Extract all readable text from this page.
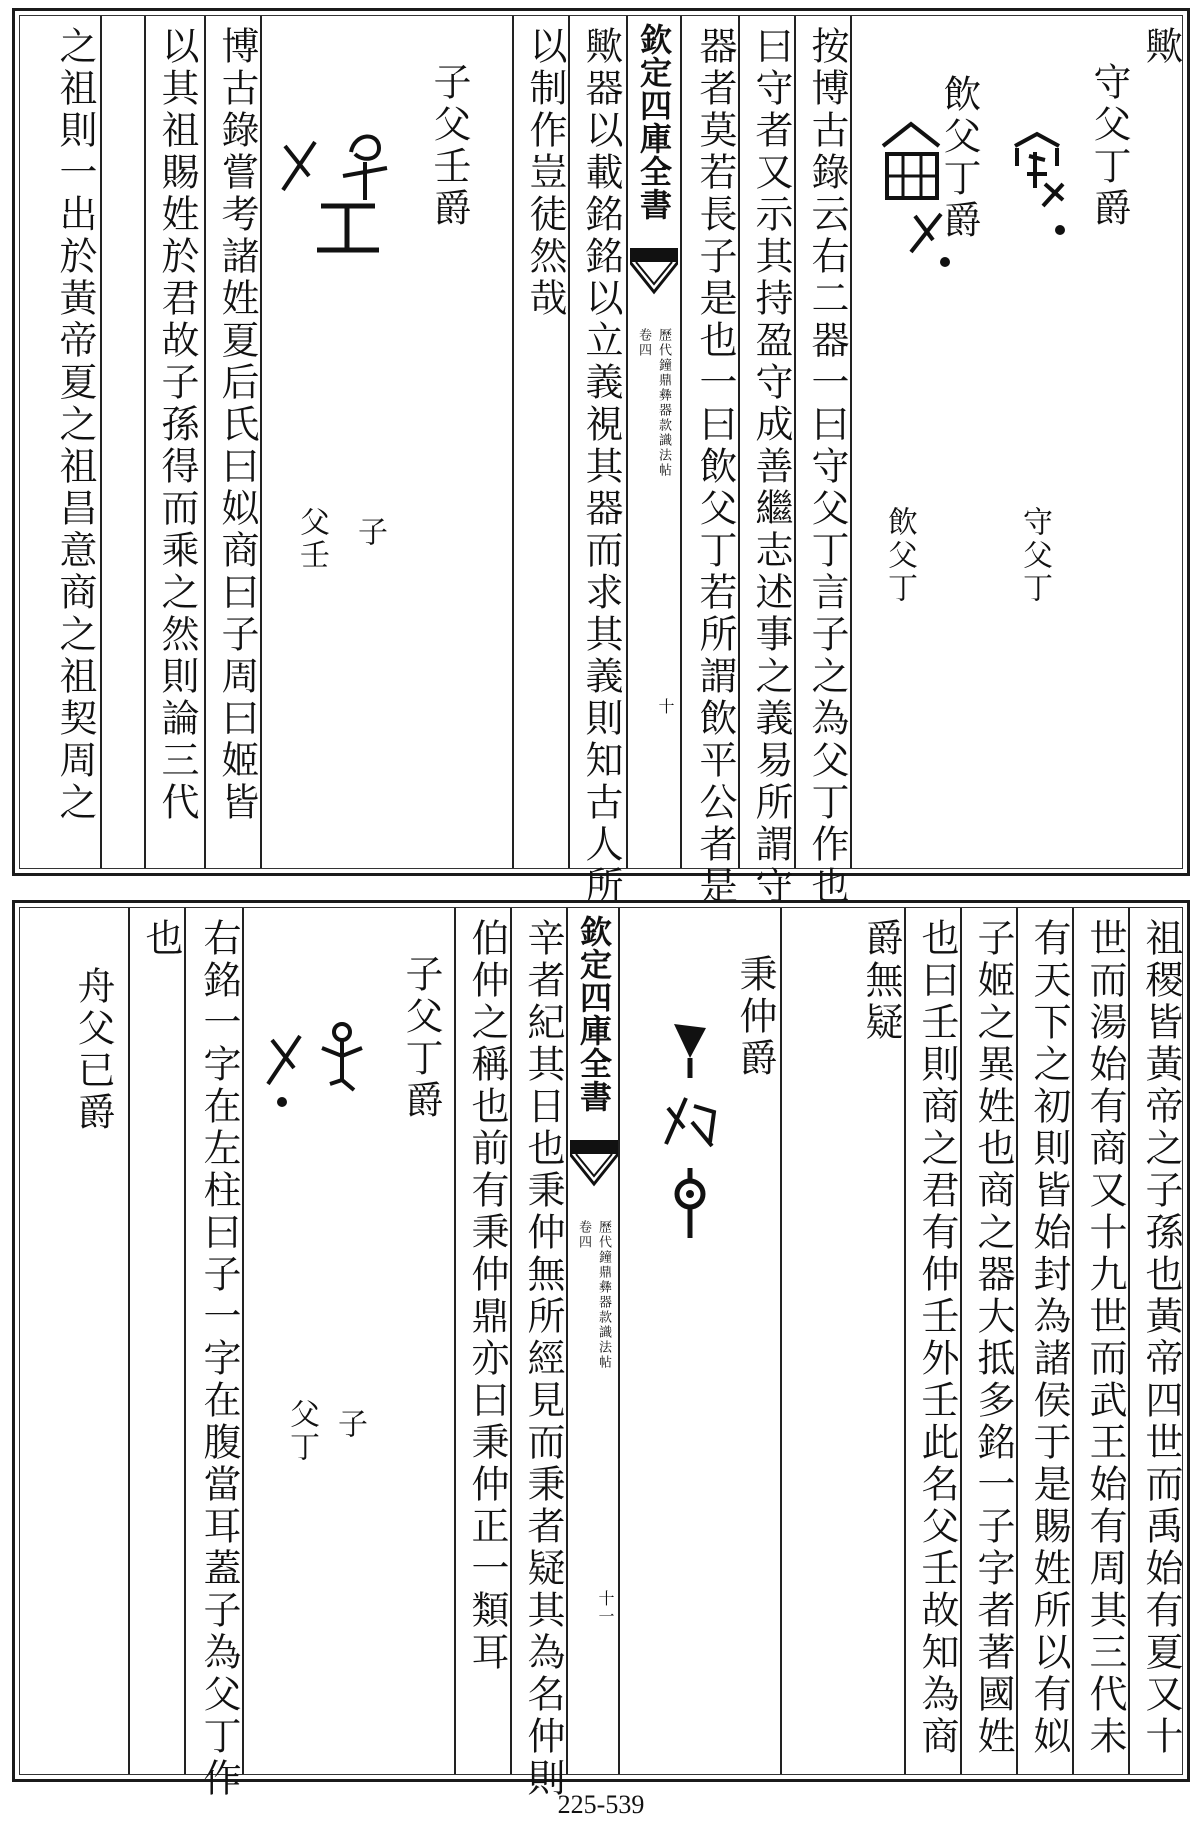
歟
守父丁爵
守父丁
飲父丁爵
飲父丁
按博古錄云右二器一曰守父丁言子之為父丁作也
曰守者又示其持盈守成善繼志述事之義易所謂守
器者莫若長子是也一曰飲父丁若所謂飲平公者是
欽定四庫全書
歷代鐘鼎彝器款識法帖
卷四
十
歟器以載銘銘以立義視其器而求其義則知古人所
以制作豈徒然哉
子父壬爵
子
父壬
博古錄嘗考諸姓夏后氏曰姒商曰子周曰姬皆
以其祖賜姓於君故子孫得而乘之然則論三代
之祖則一出於黃帝夏之祖昌意商之祖契周之
祖稷皆黃帝之子孫也黃帝四世而禹始有夏又十
世而湯始有商又十九世而武王始有周其三代未
有天下之初則皆始封為諸侯于是賜姓所以有姒
子姬之異姓也商之器大抵多銘一子字者著國姓
也曰壬則商之君有仲壬外壬此名父壬故知為商
爵無疑
秉仲爵
欽定四庫全書
歷代鐘鼎彝器款識法帖
卷四
十一
辛者紀其日也秉仲無所經見而秉者疑其為名仲則
伯仲之稱也前有秉仲鼎亦曰秉仲正一類耳
子父丁爵
子
父丁
右銘一字在左柱曰子一字在腹當耳蓋子為父丁作
也
舟父已爵
225-539
